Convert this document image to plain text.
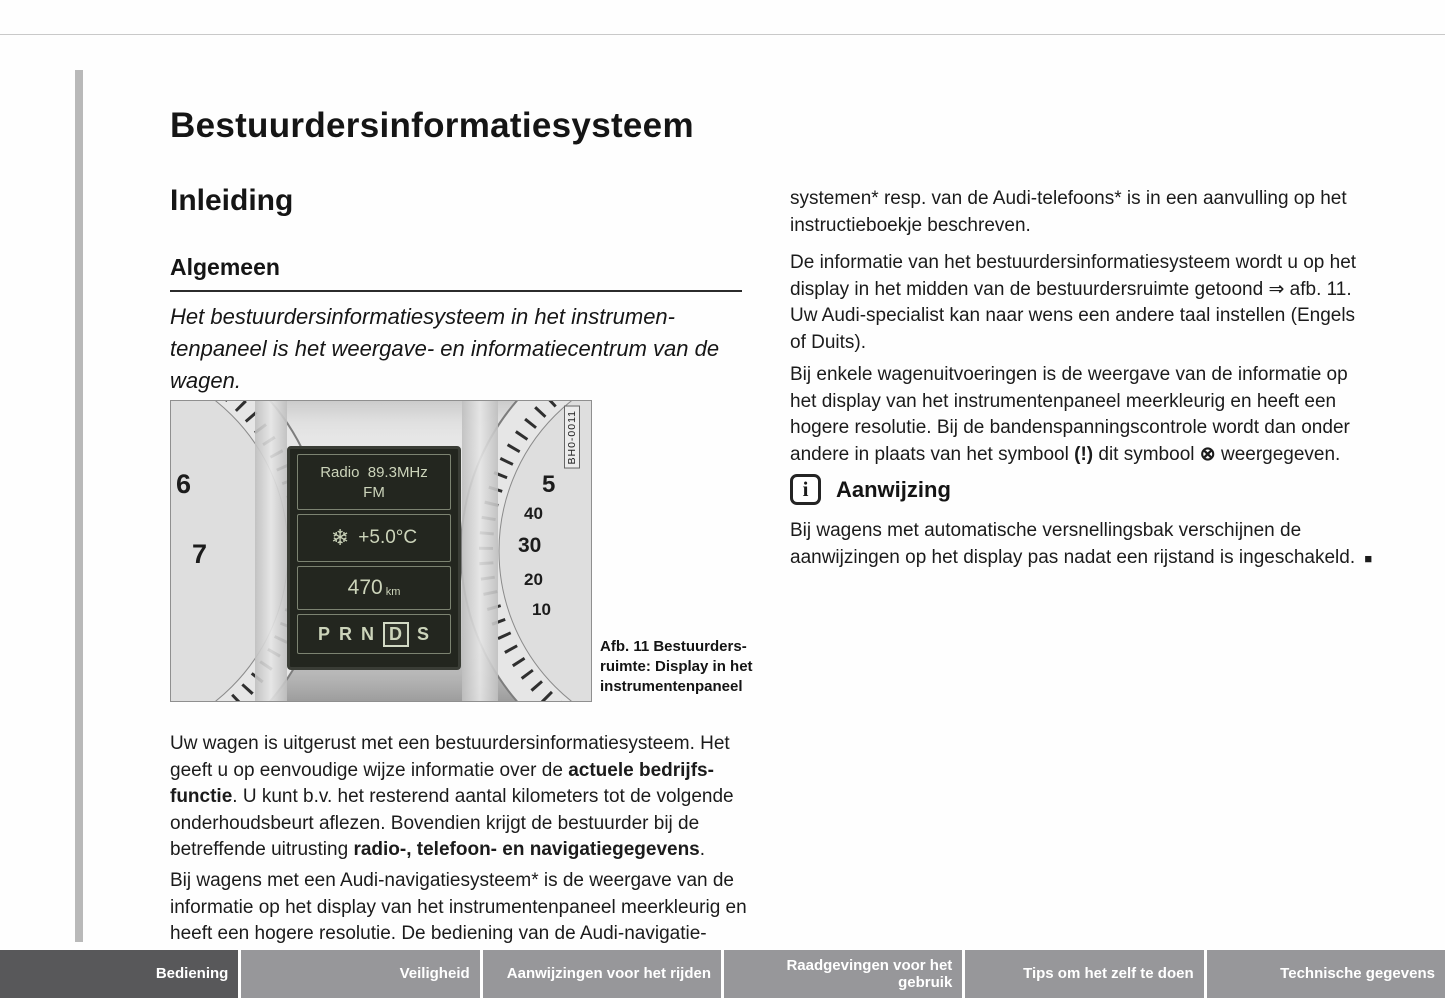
Bestuurdersinformatiesysteem
Inleiding
Algemeen

Het bestuurdersinformatiesysteem in het instrumen-tenpaneel is het weergave- en informatiecentrum van de wagen.

6
7
5
40
30
20
10
BH0-0011
Radio  89.3MHz
FM
❄ +5.0°C
470 km
P R N D S

Afb. 11 Bestuurders-ruimte: Display in het instrumentenpaneel

Uw wagen is uitgerust met een bestuurdersinformatiesysteem. Het geeft u op eenvoudige wijze informatie over de actuele bedrijfs-functie. U kunt b.v. het resterend aantal kilometers tot de volgende onderhoudsbeurt aflezen. Bovendien krijgt de bestuurder bij de betreffende uitrusting radio-, telefoon- en navigatiegegevens.

Bij wagens met een Audi-navigatiesysteem* is de weergave van de informatie op het display van het instrumentenpaneel meerkleurig en heeft een hogere resolutie. De bediening van de Audi-navigatie-

systemen* resp. van de Audi-telefoons* is in een aanvulling op het instructieboekje beschreven.

De informatie van het bestuurdersinformatiesysteem wordt u op het display in het midden van de bestuurdersruimte getoond ⇒ afb. 11. Uw Audi-specialist kan naar wens een andere taal instellen (Engels of Duits).

Bij enkele wagenuitvoeringen is de weergave van de informatie op het display van het instrumentenpaneel meerkleurig en heeft een hogere resolutie. Bij de bandenspanningscontrole wordt dan onder andere in plaats van het symbool (!) dit symbool ⊗ weergegeven.

i	Aanwijzing

Bij wagens met automatische versnellingsbak verschijnen de aanwijzingen op het display pas nadat een rijstand is ingeschakeld. ■

Bediening	Veiligheid Aanwijzingen voor het rijden
Raadgevingen voor het gebruik
Tips om het zelf te doen	Technische gegevens
